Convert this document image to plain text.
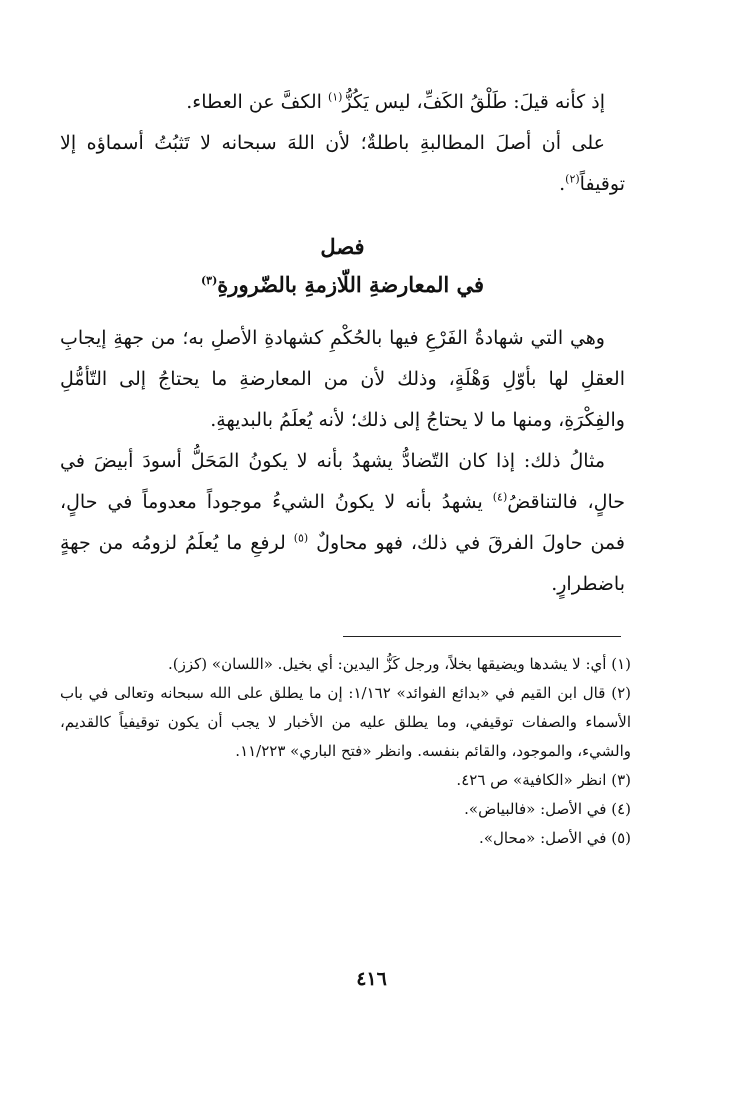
إذ كأنه قيلَ: طَلْقُ الكَفِّ، ليس يَكُزُّ$^{(١)}$ الكفَّ عن العطاء.

على أن أصلَ المطالبةِ باطلةٌ؛ لأن اللهَ سبحانه لا تَثبُتُ أسماؤه إلا توقيفاً$^{(٢)}$.

فصل
في المعارضةِ اللّازمةِ بالضّرورةِ$^{(٣)}$

وهي التي شهادةُ الفَرْعِ فيها بالحُكْمِ كشهادةِ الأصلِ به؛ من جهةِ إيجابِ العقلِ لها بأوّلِ وَهْلَةٍ، وذلك لأن من المعارضةِ ما يحتاجُ إلى التّأمُّلِ والفِكْرَةِ، ومنها ما لا يحتاجُ إلى ذلك؛ لأنه يُعلَمُ بالبديهةِ.

مثالُ ذلك: إذا كان التّضادُّ يشهدُ بأنه لا يكونُ المَحَلُّ أسودَ أبيضَ في حالٍ، فالتناقضُ$^{(٤)}$ يشهدُ بأنه لا يكونُ الشيءُ موجوداً معدوماً في حالٍ، فمن حاولَ الفرقَ في ذلك، فهو محاولٌ $^{(٥)}$ لرفعِ ما يُعلَمُ لزومُه من جهةٍ باضطرارٍ.

(١) أي: لا يشدها ويضيقها بخلاً، ورجل كَزُّ اليدين: أي بخيل. «اللسان» (كزز).

(٢) قال ابن القيم في «بدائع الفوائد» ١/١٦٢: إن ما يطلق على الله سبحانه وتعالى في باب الأسماء والصفات توقيفي، وما يطلق عليه من الأخبار لا يجب أن يكون توقيفياً كالقديم، والشيء، والموجود، والقائم بنفسه. وانظر «فتح الباري» ١١/٢٢٣.

(٣) انظر «الكافية» ص ٤٢٦.

(٤) في الأصل: «فالبياض».

(٥) في الأصل: «محال».

٤١٦
